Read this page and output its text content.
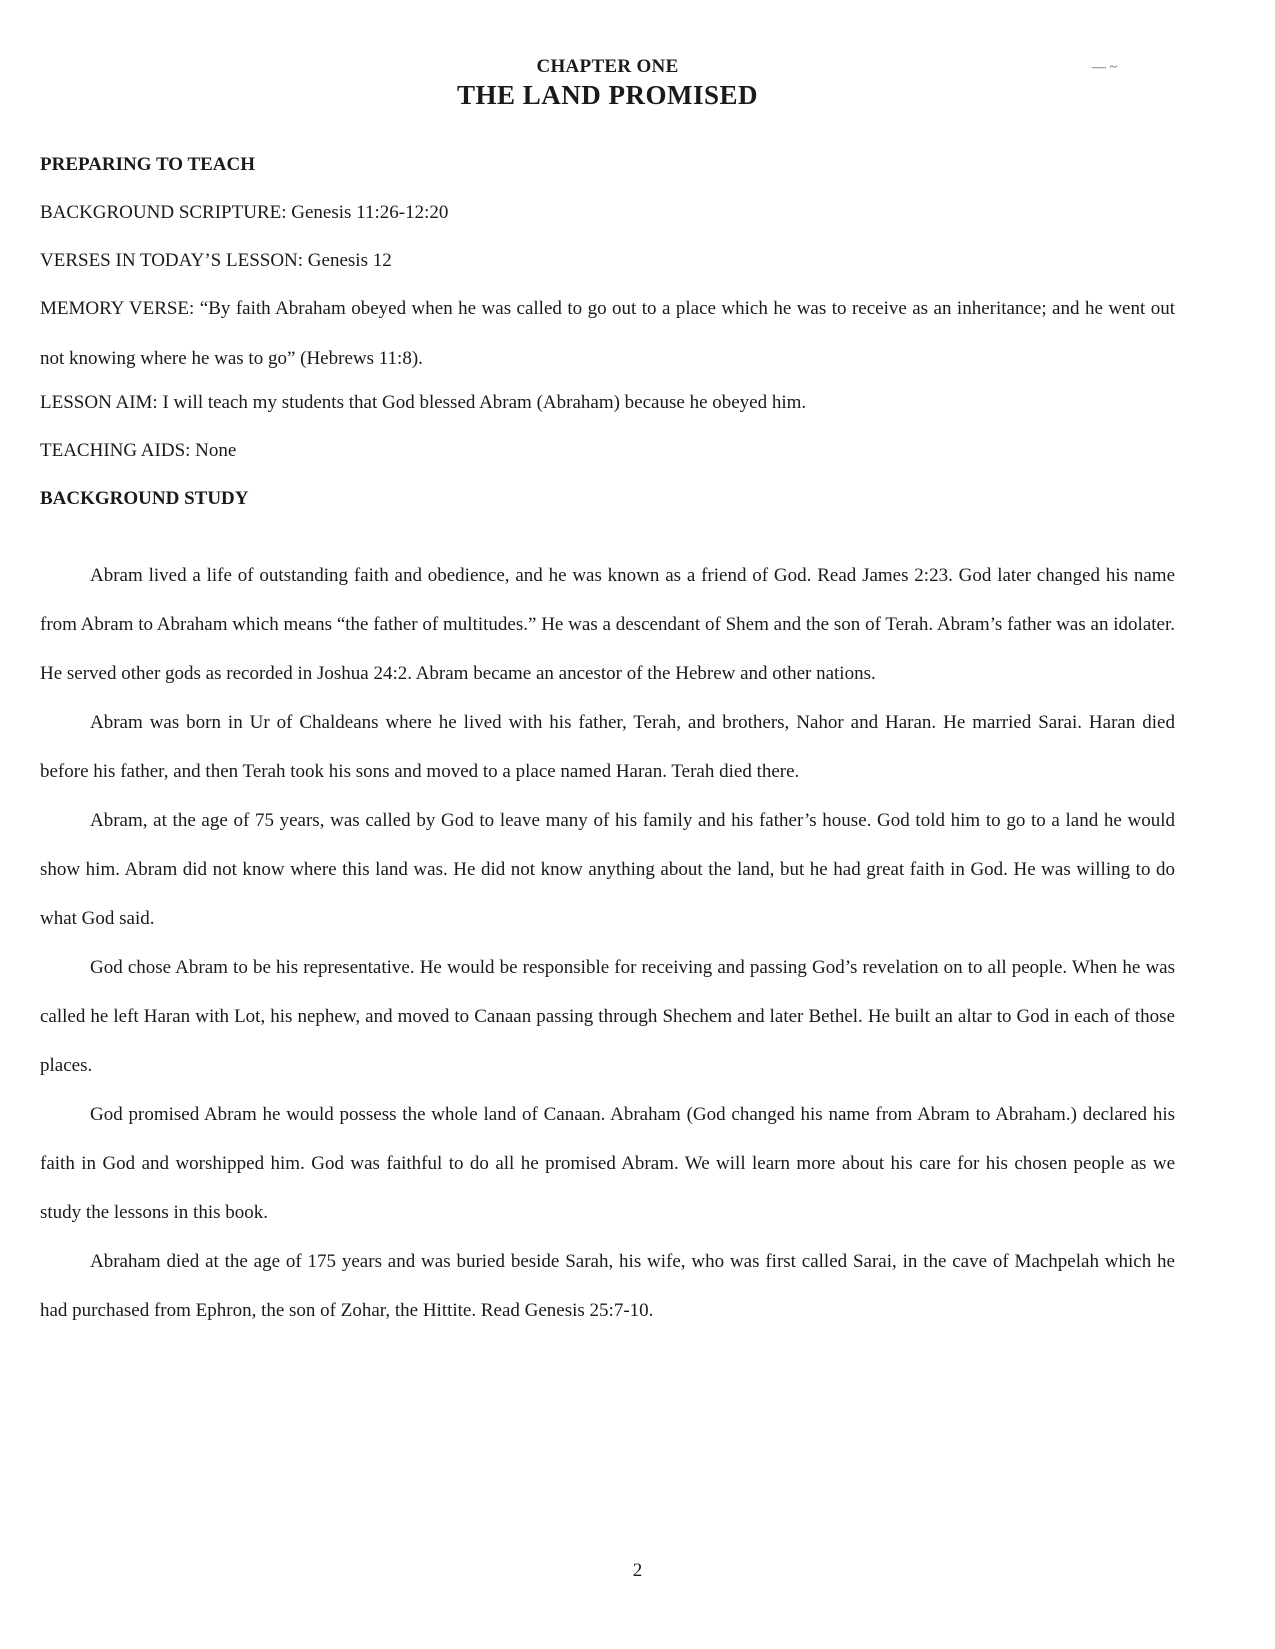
— ~
CHAPTER ONE
THE LAND PROMISED

PREPARING TO TEACH

BACKGROUND SCRIPTURE: Genesis 11:26-12:20

VERSES IN TODAY’S LESSON: Genesis 12

MEMORY VERSE: “By faith Abraham obeyed when he was called to go out to a place which he was to receive as an inheritance; and he went out not knowing where he was to go” (Hebrews 11:8).

LESSON AIM: I will teach my students that God blessed Abram (Abraham) because he obeyed him.

TEACHING AIDS: None

BACKGROUND STUDY

Abram lived a life of outstanding faith and obedience, and he was known as a friend of God. Read James 2:23. God later changed his name from Abram to Abraham which means “the father of multitudes.” He was a descendant of Shem and the son of Terah. Abram’s father was an idolater. He served other gods as recorded in Joshua 24:2. Abram became an ancestor of the Hebrew and other nations.

Abram was born in Ur of Chaldeans where he lived with his father, Terah, and brothers, Nahor and Haran. He married Sarai. Haran died before his father, and then Terah took his sons and moved to a place named Haran. Terah died there.

Abram, at the age of 75 years, was called by God to leave many of his family and his father’s house. God told him to go to a land he would show him. Abram did not know where this land was. He did not know anything about the land, but he had great faith in God. He was willing to do what God said.

God chose Abram to be his representative. He would be responsible for receiving and passing God’s revelation on to all people. When he was called he left Haran with Lot, his nephew, and moved to Canaan passing through Shechem and later Bethel. He built an altar to God in each of those places.

God promised Abram he would possess the whole land of Canaan. Abraham (God changed his name from Abram to Abraham.) declared his faith in God and worshipped him. God was faithful to do all he promised Abram. We will learn more about his care for his chosen people as we study the lessons in this book.

Abraham died at the age of 175 years and was buried beside Sarah, his wife, who was first called Sarai, in the cave of Machpelah which he had purchased from Ephron, the son of Zohar, the Hittite. Read Genesis 25:7-10.

2
